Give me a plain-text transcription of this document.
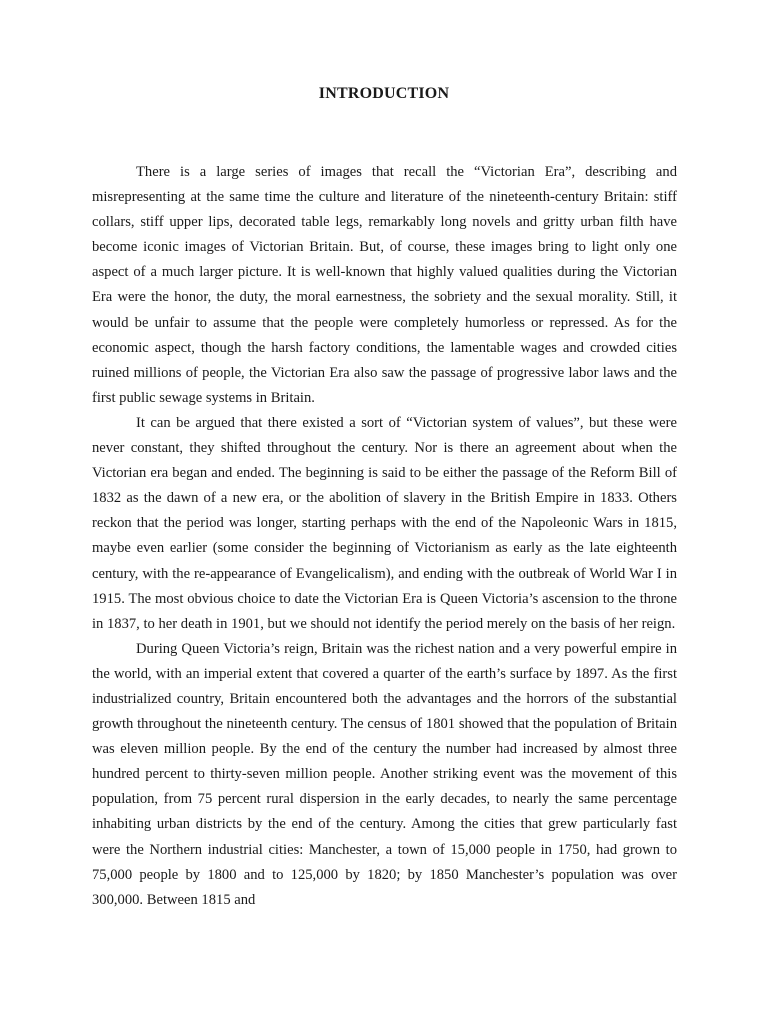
INTRODUCTION

There is a large series of images that recall the “Victorian Era”, describing and misrepresenting at the same time the culture and literature of the nineteenth-century Britain: stiff collars, stiff upper lips, decorated table legs, remarkably long novels and gritty urban filth have become iconic images of Victorian Britain. But, of course, these images bring to light only one aspect of a much larger picture. It is well-known that highly valued qualities during the Victorian Era were the honor, the duty, the moral earnestness, the sobriety and the sexual morality. Still, it would be unfair to assume that the people were completely humorless or repressed. As for the economic aspect, though the harsh factory conditions, the lamentable wages and crowded cities ruined millions of people, the Victorian Era also saw the passage of progressive labor laws and the first public sewage systems in Britain.

It can be argued that there existed a sort of “Victorian system of values”, but these were never constant, they shifted throughout the century. Nor is there an agreement about when the Victorian era began and ended. The beginning is said to be either the passage of the Reform Bill of 1832 as the dawn of a new era, or the abolition of slavery in the British Empire in 1833. Others reckon that the period was longer, starting perhaps with the end of the Napoleonic Wars in 1815, maybe even earlier (some consider the beginning of Victorianism as early as the late eighteenth century, with the re-appearance of Evangelicalism), and ending with the outbreak of World War I in 1915. The most obvious choice to date the Victorian Era is Queen Victoria’s ascension to the throne in 1837, to her death in 1901, but we should not identify the period merely on the basis of her reign.

During Queen Victoria’s reign, Britain was the richest nation and a very powerful empire in the world, with an imperial extent that covered a quarter of the earth’s surface by 1897. As the first industrialized country, Britain encountered both the advantages and the horrors of the substantial growth throughout the nineteenth century. The census of 1801 showed that the population of Britain was eleven million people. By the end of the century the number had increased by almost three hundred percent to thirty-seven million people. Another striking event was the movement of this population, from 75 percent rural dispersion in the early decades, to nearly the same percentage inhabiting urban districts by the end of the century. Among the cities that grew particularly fast were the Northern industrial cities: Manchester, a town of 15,000 people in 1750, had grown to 75,000 people by 1800 and to 125,000 by 1820; by 1850 Manchester’s population was over 300,000. Between 1815 and
